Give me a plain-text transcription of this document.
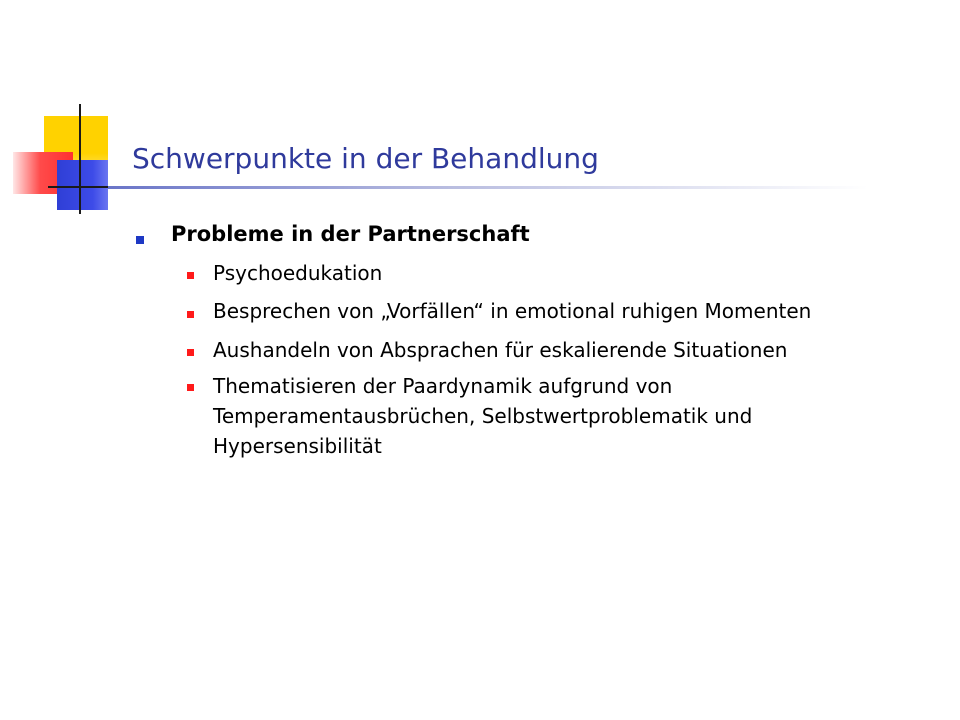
Schwerpunkte in der Behandlung
Probleme in der Partnerschaft
Psychoedukation
Besprechen von „Vorfällen“ in emotional ruhigen Momenten
Aushandeln von Absprachen für eskalierende Situationen
Thematisieren der Paardynamik aufgrund von Temperamentausbrüchen, Selbstwertproblematik und Hypersensibilität
